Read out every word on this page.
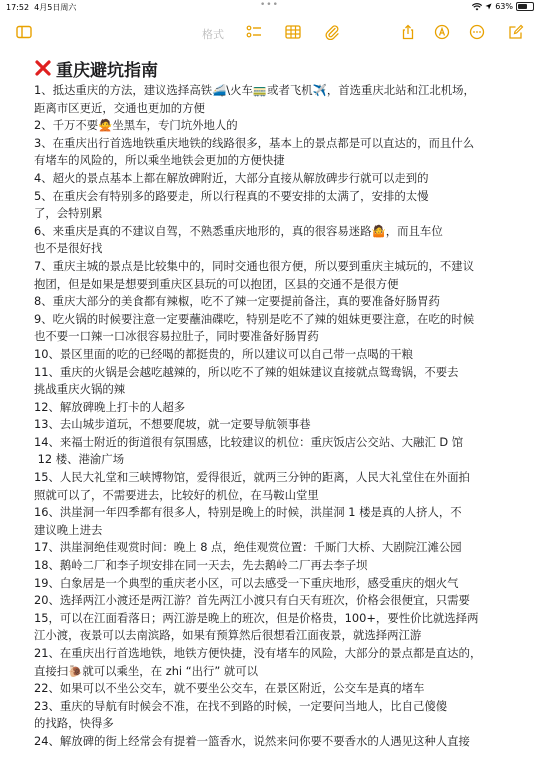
17:52 4月5日周六	•••	63%
格式
重庆避坑指南

1、抵达重庆的方法，建议选择高铁🚄\火车🚃或者飞机✈️，首选重庆北站和江北机场，

距离市区更近，交通也更加的方便

2、千万不要🙅坐黑车，专门坑外地人的

3、在重庆出行首选地铁重庆地铁的线路很多，基本上的景点都是可以直达的，而且什么

有堵车的风险的，所以乘坐地铁会更加的方便快捷

4、超火的景点基本上都在解放碑附近，大部分直接从解放碑步行就可以走到的

5、在重庆会有特别多的路要走，所以行程真的不要安排的太满了，安排的太慢

了，会特别累

6、来重庆是真的不建议自驾，不熟悉重庆地形的，真的很容易迷路🤷，而且车位

也不是很好找

7、重庆主城的景点是比较集中的，同时交通也很方便，所以要到重庆主城玩的，不建议

抱团，但是如果是想要到重庆区县玩的可以抱团，区县的交通不是很方便

8、重庆大部分的美食都有辣椒，吃不了辣一定要提前备注，真的要准备好肠胃药

9、吃火锅的时候要注意一定要蘸油碟吃，特别是吃不了辣的姐妹更要注意，在吃的时候

也不要一口辣一口冰很容易拉肚子，同时要准备好肠胃药

10、景区里面的吃的已经喝的都挺贵的，所以建议可以自己带一点喝的干粮

11、重庆的火锅是会越吃越辣的，所以吃不了辣的姐妹建议直接就点鸳鸯锅，不要去

挑战重庆火锅的辣

12、解放碑晚上打卡的人超多

13、去山城步道玩，不想要爬坡，就一定要导航领事巷

14、来福士附近的街道很有氛围感，比较建议的机位：重庆饭店公交站、大融汇 D 馆

12 楼、港渝广场

15、人民大礼堂和三峡博物馆，爱得很近，就两三分钟的距离，人民大礼堂住在外面拍

照就可以了，不需要进去，比较好的机位，在马鞍山堂里

16、洪崖洞一年四季都有很多人，特别是晚上的时候，洪崖洞 1 楼是真的人挤人，不

建议晚上进去

17、洪崖洞绝佳观赏时间：晚上 8 点，绝佳观赏位置：千厮门大桥、大剧院江滩公园

18、鹅岭二厂和李子坝安排在同一天去，先去鹅岭二厂再去李子坝

19、白象居是一个典型的重庆老小区，可以去感受一下重庆地形，感受重庆的烟火气

20、选择两江小渡还是两江游？首先两江小渡只有白天有班次，价格会很便宜，只需要

15，可以在江面看落日；两江游是晚上的班次，但是价格贵，100+，要性价比就选择两

江小渡，夜景可以去南滨路，如果有预算然后很想看江面夜景，就选择两江游

21、在重庆出行首选地铁，地铁方便快捷，没有堵车的风险，大部分的景点都是直达的，

直接扫🐌就可以乘坐，在 zhi “出行” 就可以

22、如果可以不坐公交车，就不要坐公交车，在景区附近，公交车是真的堵车

23、重庆的导航有时候会不准，在找不到路的时候，一定要问当地人，比自己傻傻

的找路，快得多

24、解放碑的街上经常会有提着一篮香水，说然来问你要不要香水的人遇见这种人直接
